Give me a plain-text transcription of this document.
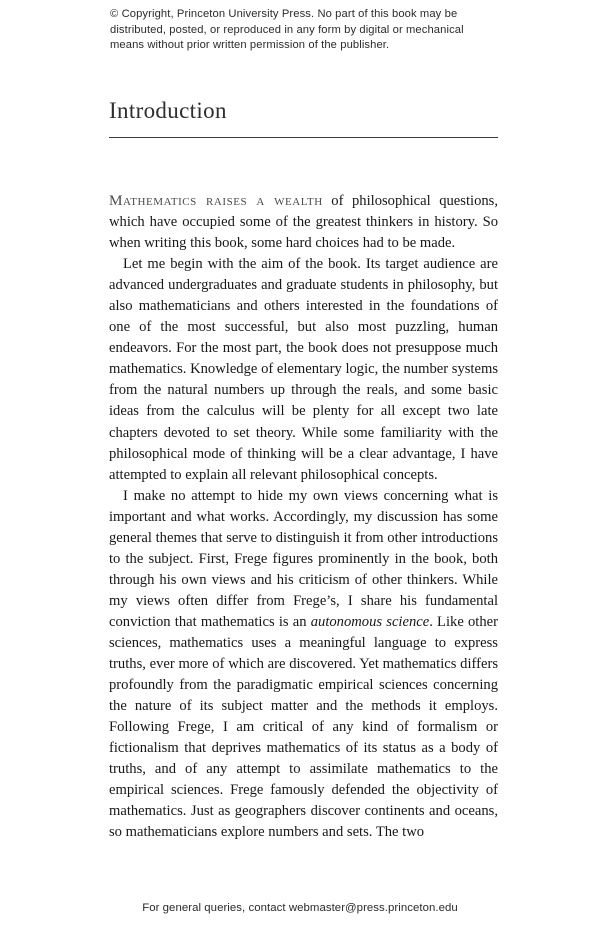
© Copyright, Princeton University Press. No part of this book may be distributed, posted, or reproduced in any form by digital or mechanical means without prior written permission of the publisher.
Introduction

Mathematics raises a wealth of philosophical questions, which have occupied some of the greatest thinkers in history. So when writing this book, some hard choices had to be made.

Let me begin with the aim of the book. Its target audience are advanced undergraduates and graduate students in philosophy, but also mathematicians and others interested in the foundations of one of the most successful, but also most puzzling, human endeavors. For the most part, the book does not presuppose much mathematics. Knowledge of elementary logic, the number systems from the natural numbers up through the reals, and some basic ideas from the calculus will be plenty for all except two late chapters devoted to set theory. While some familiarity with the philosophical mode of thinking will be a clear advantage, I have attempted to explain all relevant philosophical concepts.

I make no attempt to hide my own views concerning what is important and what works. Accordingly, my discussion has some general themes that serve to distinguish it from other introductions to the subject. First, Frege figures prominently in the book, both through his own views and his criticism of other thinkers. While my views often differ from Frege’s, I share his fundamental conviction that mathematics is an autonomous science. Like other sciences, mathematics uses a meaningful language to express truths, ever more of which are discovered. Yet mathematics differs profoundly from the paradigmatic empirical sciences concerning the nature of its subject matter and the methods it employs. Following Frege, I am critical of any kind of formalism or fictionalism that deprives mathematics of its status as a body of truths, and of any attempt to assimilate mathematics to the empirical sciences. Frege famously defended the objectivity of mathematics. Just as geographers discover continents and oceans, so mathematicians explore numbers and sets. The two

For general queries, contact webmaster@press.princeton.edu
